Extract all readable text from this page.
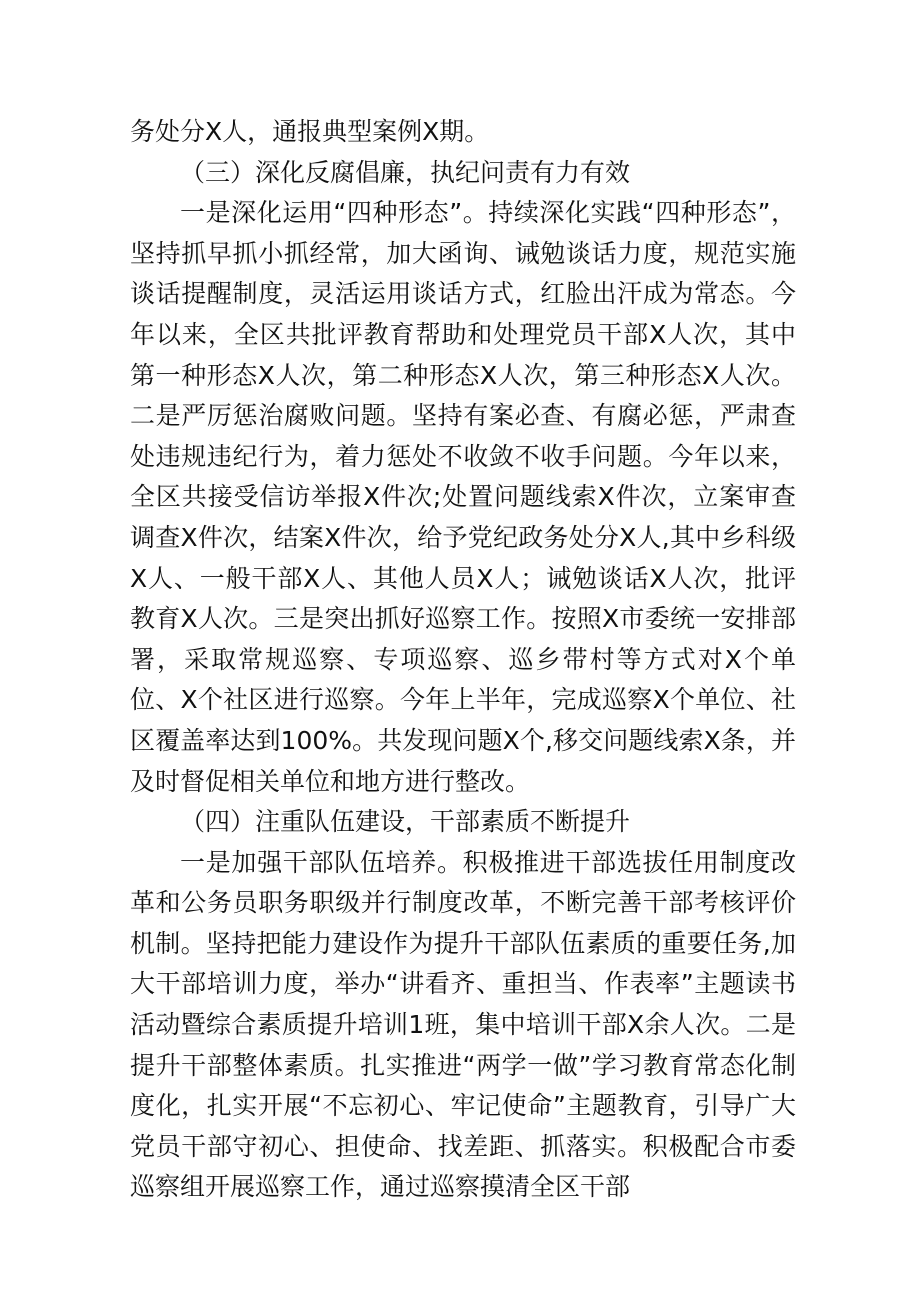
务处分X人，通报典型案例X期。

（三）深化反腐倡廉，执纪问责有力有效

一是深化运用“四种形态”。持续深化实践“四种形态”，坚持抓早抓小抓经常，加大函询、诫勉谈话力度，规范实施谈话提醒制度，灵活运用谈话方式，红脸出汗成为常态。今年以来，全区共批评教育帮助和处理党员干部X人次，其中第一种形态X人次，第二种形态X人次，第三种形态X人次。二是严厉惩治腐败问题。坚持有案必查、有腐必惩，严肃查处违规违纪行为，着力惩处不收敛不收手问题。今年以来，全区共接受信访举报X件次;处置问题线索X件次，立案审查调查X件次，结案X件次，给予党纪政务处分X人,其中乡科级X人、一般干部X人、其他人员X人；诫勉谈话X人次，批评教育X人次。三是突出抓好巡察工作。按照X市委统一安排部署，采取常规巡察、专项巡察、巡乡带村等方式对X个单位、X个社区进行巡察。今年上半年，完成巡察X个单位、社区覆盖率达到100%。共发现问题X个,移交问题线索X条，并及时督促相关单位和地方进行整改。

（四）注重队伍建设，干部素质不断提升

一是加强干部队伍培养。积极推进干部选拔任用制度改革和公务员职务职级并行制度改革，不断完善干部考核评价机制。坚持把能力建设作为提升干部队伍素质的重要任务,加大干部培训力度，举办“讲看齐、重担当、作表率”主题读书活动暨综合素质提升培训1班，集中培训干部X余人次。二是提升干部整体素质。扎实推进“两学一做”学习教育常态化制度化，扎实开展“不忘初心、牢记使命”主题教育，引导广大党员干部守初心、担使命、找差距、抓落实。积极配合市委巡察组开展巡察工作，通过巡察摸清全区干部
